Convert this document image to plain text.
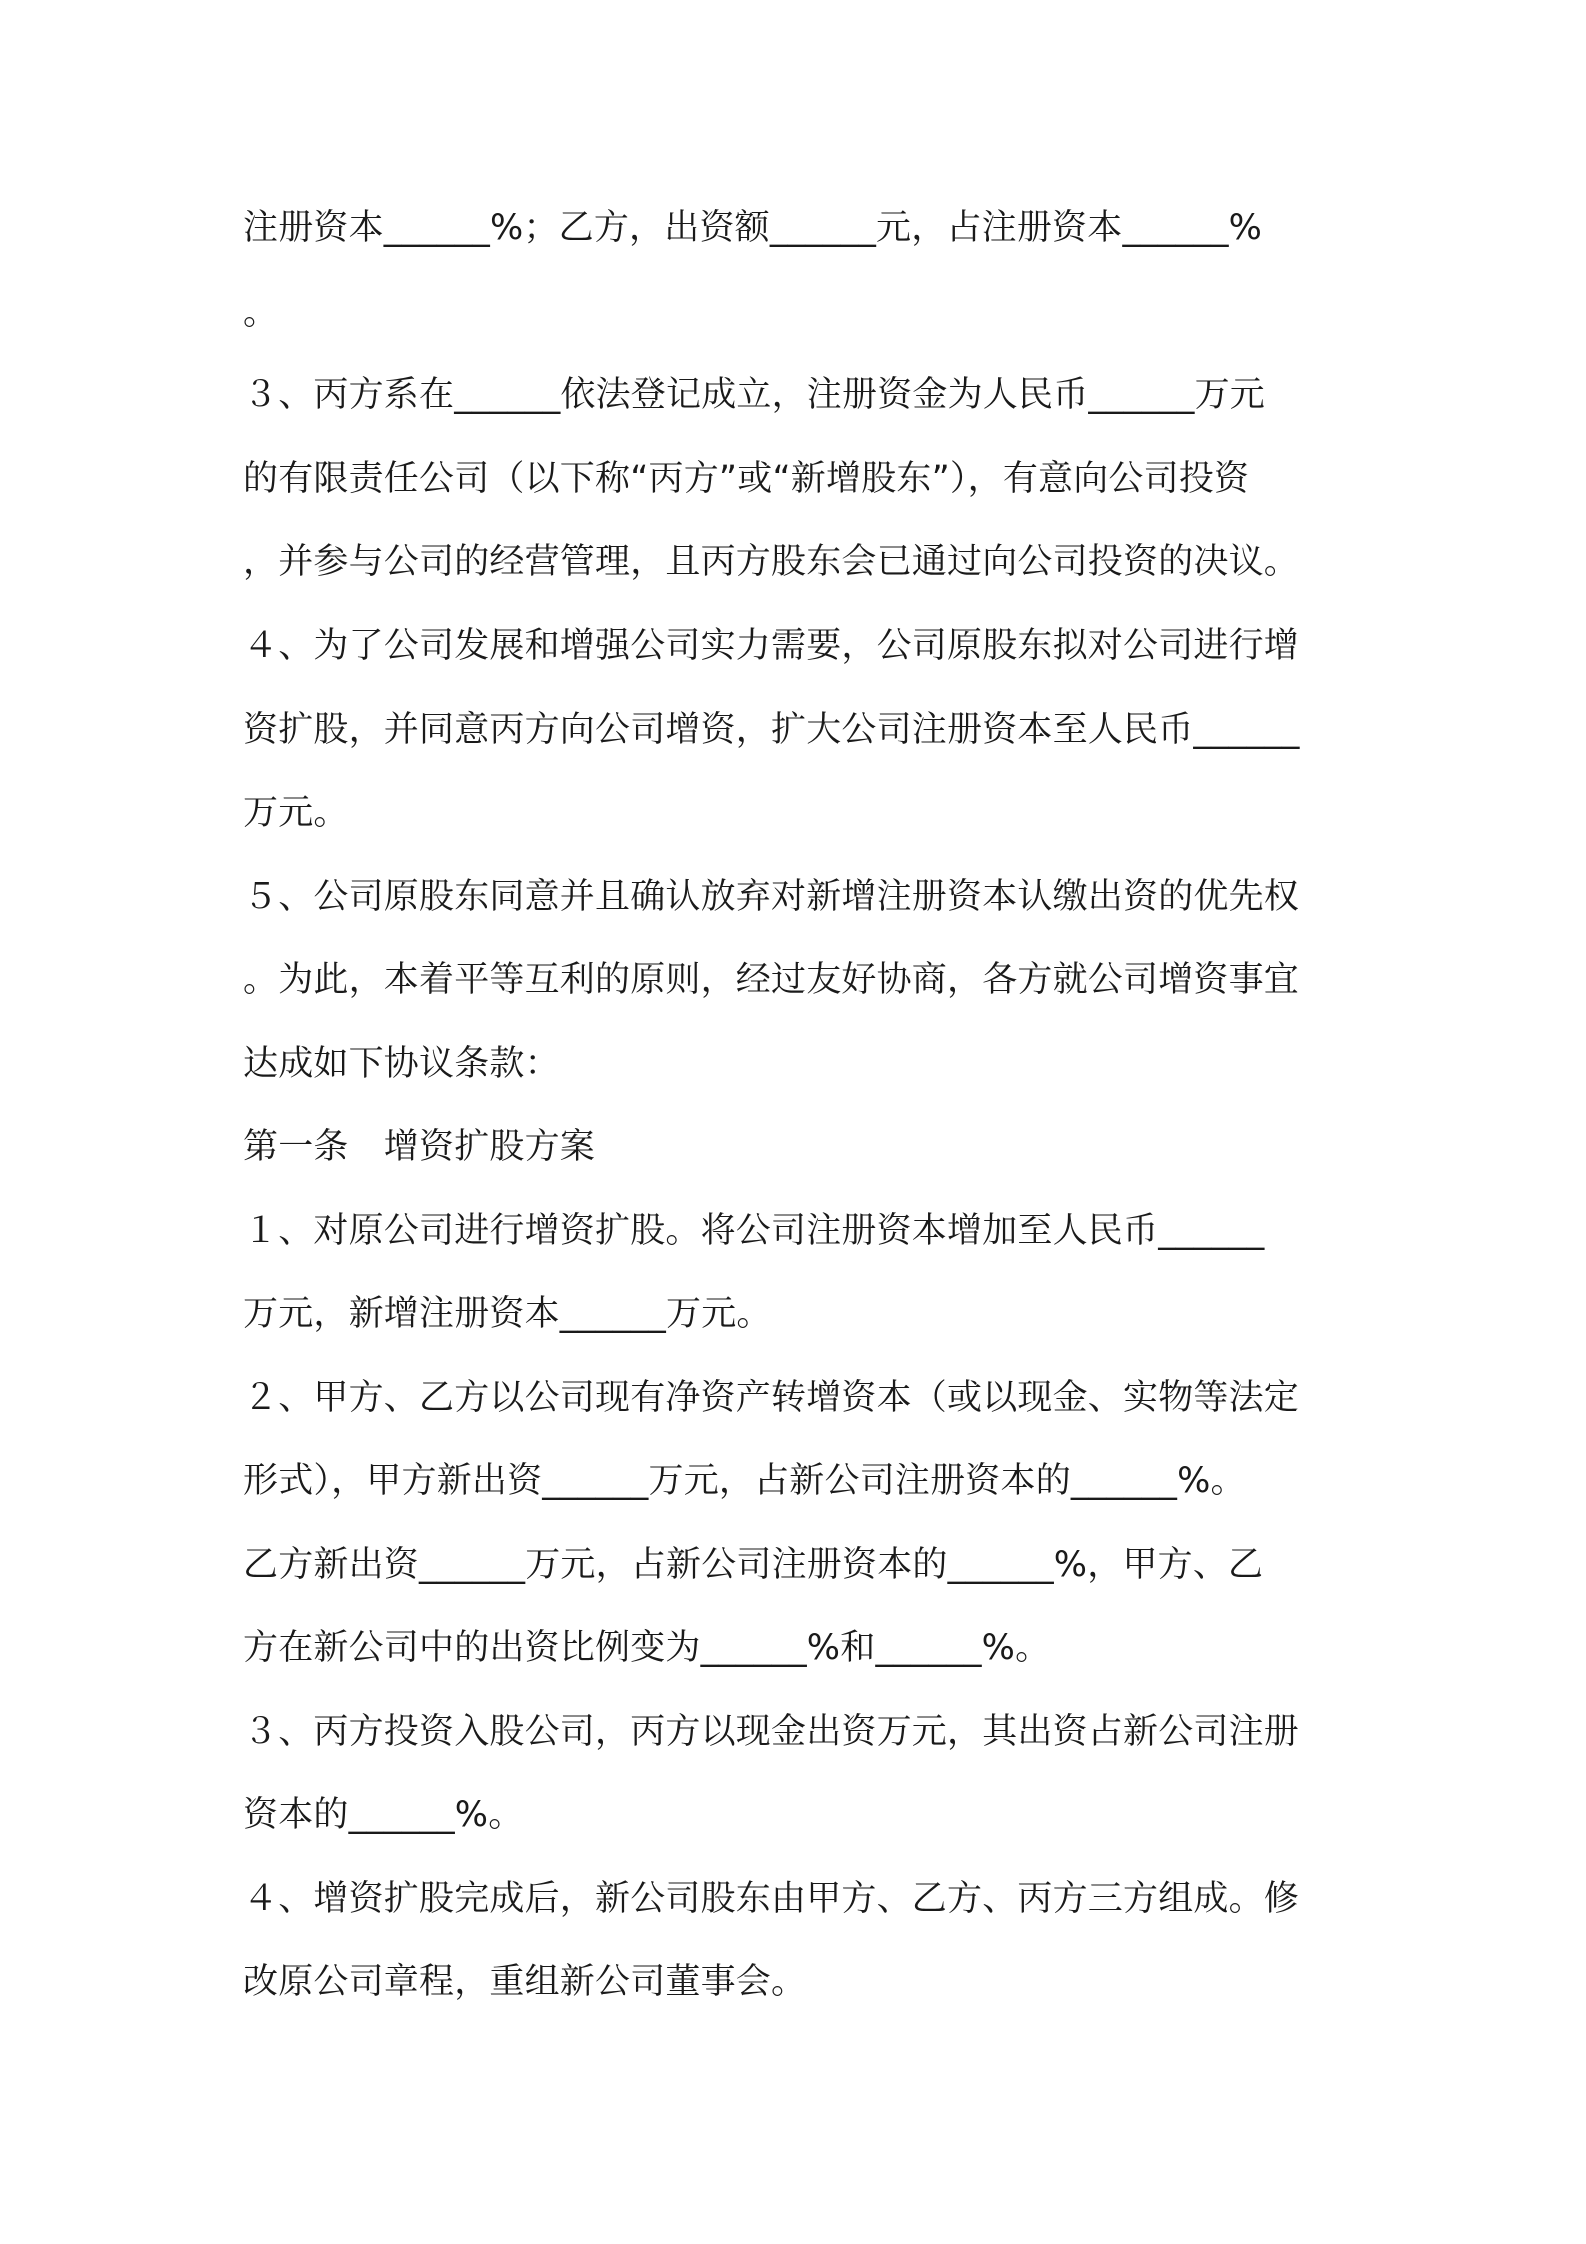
注册资本______%；乙方，出资额______元，占注册资本______%
。
３、丙方系在______依法登记成立，注册资金为人民币______万元
的有限责任公司（以下称“丙方”或“新增股东”），有意向公司投资
，并参与公司的经营管理，且丙方股东会已通过向公司投资的决议。
４、为了公司发展和增强公司实力需要，公司原股东拟对公司进行增
资扩股，并同意丙方向公司增资，扩大公司注册资本至人民币______
万元。
５、公司原股东同意并且确认放弃对新增注册资本认缴出资的优先权
。为此，本着平等互利的原则，经过友好协商，各方就公司增资事宜
达成如下协议条款：
第一条　增资扩股方案
１、对原公司进行增资扩股。将公司注册资本增加至人民币______
万元，新增注册资本______万元。
２、甲方、乙方以公司现有净资产转增资本（或以现金、实物等法定
形式），甲方新出资______万元，占新公司注册资本的______%。
乙方新出资______万元，占新公司注册资本的______%，甲方、乙
方在新公司中的出资比例变为______%和______%。
３、丙方投资入股公司，丙方以现金出资万元，其出资占新公司注册
资本的______%。
４、增资扩股完成后，新公司股东由甲方、乙方、丙方三方组成。修
改原公司章程，重组新公司董事会。
